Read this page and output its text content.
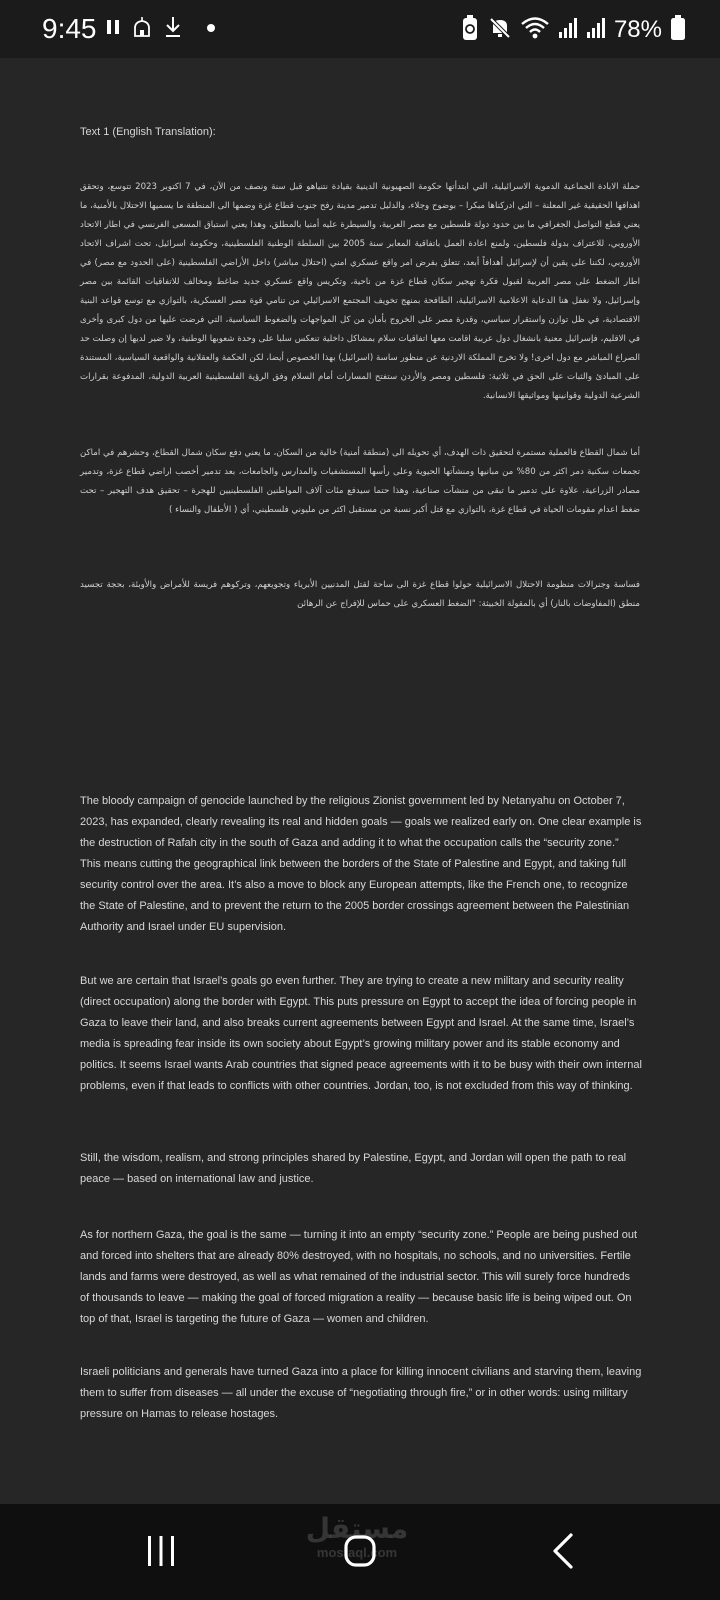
9:45	78%
Text 1 (English Translation):

حملة الابادة الجماعية الدموية الاسرائيلية، التي ابتدأتها حكومة الصهيونية الدينية بقيادة نتنياهو قبل سنة ونصف من الآن، في 7 اكتوبر 2023 تتوسع، وتحقق اهدافها الحقيقية غير المعلنة – التي ادركناها مبكرا – بوضوح وجلاء، والدليل تدمير مدينة رفح جنوب قطاع غزة وضمها الى المنطقة ما يسميها الاحتلال بالأمنية، ما يعني قطع التواصل الجغرافي ما بين حدود دولة فلسطين مع مصر العربية، والسيطرة عليه أمنيا بالمطلق، وهذا يعني استباق المسعى الفرنسي في اطار الاتحاد الأوروبي، للاعتراف بدولة فلسطين، ولمنع اعادة العمل باتفاقية المعابر سنة 2005 بين السلطة الوطنية الفلسطينية، وحكومة اسرائيل، تحت اشراف الاتحاد الأوروبي، لكننا على يقين أن لإسرائيل أهدافاً أبعد، تتعلق بفرض امر واقع عسكري امني (احتلال مباشر) داخل الأراضي الفلسطينية (على الحدود مع مصر) في اطار الضغط على مصر العربية لقبول فكرة تهجير سكان قطاع غزة من ناحية، وتكريس واقع عسكري جديد ضاغط ومخالف للاتفاقيات القائمة بين مصر وإسرائيل، ولا نغفل هنا الدعاية الاعلامية الاسرائيلية، الطافحة بمنهج تخويف المجتمع الاسرائيلي من تنامي قوة مصر العسكرية، بالتوازي مع توسع قواعد البنية الاقتصادية، في ظل توازن واستقرار سياسي، وقدرة مصر على الخروج بأمان من كل المواجهات والضغوط السياسية، التي فرضت عليها من دول كبرى وأخرى في الاقليم، فإسرائيل معنية بانشغال دول عربية اقامت معها اتفاقيات سلام بمشاكل داخلية تنعكس سلبا على وحدة شعوبها الوطنية، ولا ضير لديها إن وصلت حد الصراع المباشر مع دول اخرى! ولا تخرج المملكة الاردنية عن منظور ساسة (اسرائيل) بهذا الخصوص أيضا، لكن الحكمة والعقلانية والواقعية السياسية، المستندة على المبادئ والثبات على الحق في ثلاثية: فلسطين ومصر والأردن ستفتح المسارات أمام السلام وفق الرؤية الفلسطينية العربية الدولية، المدفوعة بقرارات الشرعية الدولية وقوانينها ومواثيقها الانسانية.

أما شمال القطاع فالعملية مستمرة لتحقيق ذات الهدف، أي تحويله الى (منطقة أمنية) خالية من السكان، ما يعني دفع سكان شمال القطاع، وحشرهم في اماكن تجمعات سكنية دمر اكثر من 80% من مبانيها ومنشآتها الحيوية وعلى رأسها المستشفيات والمدارس والجامعات، بعد تدمير أخصب اراضي قطاع غزة، وتدمير مصادر الزراعية، علاوة على تدمير ما تبقى من منشآت صناعية، وهذا حتما سيدفع مئات آلاف المواطنين الفلسطينيين للهجرة – تحقيق هدف التهجير – تحت ضغط اعدام مقومات الحياة في قطاع غزة، بالتوازي مع قتل أكبر نسبة من مستقبل اكثر من مليوني فلسطيني، أي ( الأطفال والنساء )

فساسة وجنرالات منظومة الاحتلال الاسرائيلية حولوا قطاع غزة الى ساحة لقتل المدنيين الأبرياء وتجويعهم، وتركوهم فريسة للأمراض والأوبئة، بحجة تجسيد منطق (المفاوضات بالنار) أي بالمقولة الخبيثة: "الضغط العسكري على حماس للإفراج عن الرهائن

The bloody campaign of genocide launched by the religious Zionist government led by Netanyahu on October 7, 2023, has expanded, clearly revealing its real and hidden goals — goals we realized early on. One clear example is the destruction of Rafah city in the south of Gaza and adding it to what the occupation calls the “security zone.” This means cutting the geographical link between the borders of the State of Palestine and Egypt, and taking full security control over the area. It’s also a move to block any European attempts, like the French one, to recognize the State of Palestine, and to prevent the return to the 2005 border crossings agreement between the Palestinian Authority and Israel under EU supervision.

But we are certain that Israel’s goals go even further. They are trying to create a new military and security reality (direct occupation) along the border with Egypt. This puts pressure on Egypt to accept the idea of forcing people in Gaza to leave their land, and also breaks current agreements between Egypt and Israel. At the same time, Israel’s media is spreading fear inside its own society about Egypt’s growing military power and its stable economy and politics. It seems Israel wants Arab countries that signed peace agreements with it to be busy with their own internal problems, even if that leads to conflicts with other countries. Jordan, too, is not excluded from this way of thinking.

Still, the wisdom, realism, and strong principles shared by Palestine, Egypt, and Jordan will open the path to real peace — based on international law and justice.

As for northern Gaza, the goal is the same — turning it into an empty “security zone.” People are being pushed out and forced into shelters that are already 80% destroyed, with no hospitals, no schools, and no universities. Fertile lands and farms were destroyed, as well as what remained of the industrial sector. This will surely force hundreds of thousands to leave — making the goal of forced migration a reality — because basic life is being wiped out. On top of that, Israel is targeting the future of Gaza — women and children.

Israeli politicians and generals have turned Gaza into a place for killing innocent civilians and starving them, leaving them to suffer from diseases — all under the excuse of “negotiating through fire,” or in other words: using military pressure on Hamas to release hostages.
